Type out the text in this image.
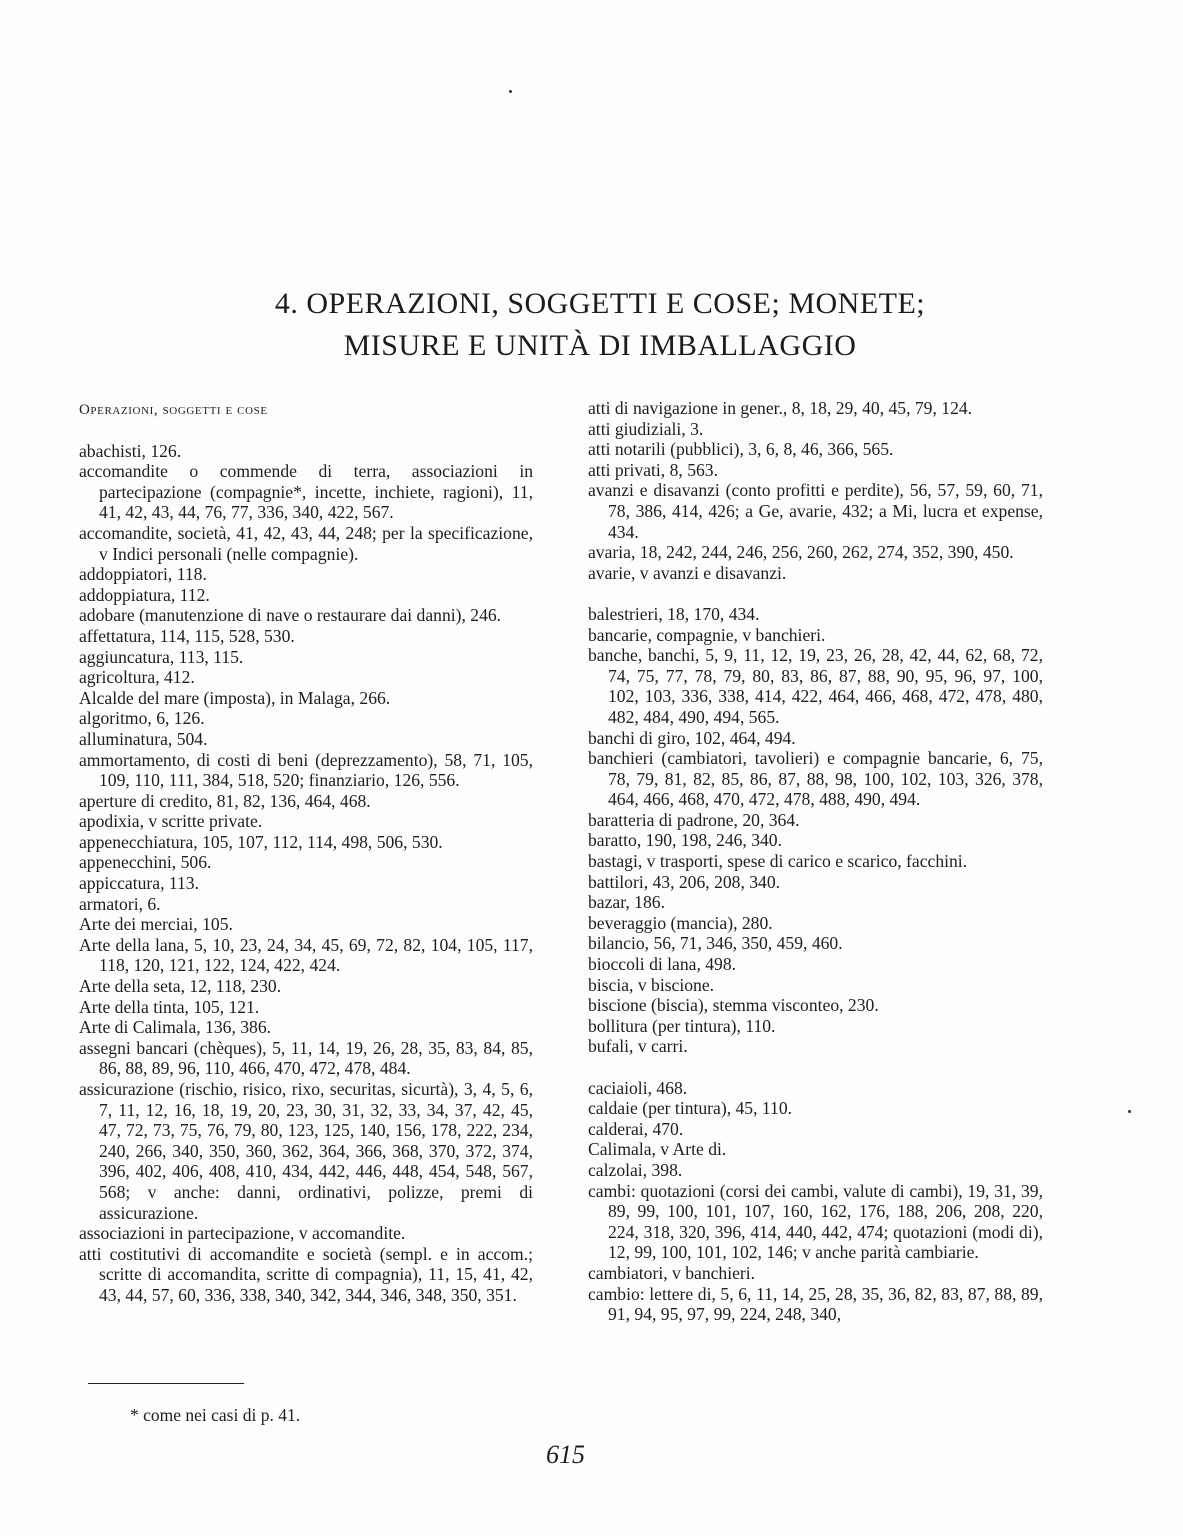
4. OPERAZIONI, SOGGETTI E COSE; MONETE;
MISURE E UNITÀ DI IMBALLAGGIO
Operazioni, soggetti e cose
abachisti, 126.
accomandite o commende di terra, associazioni in partecipazione (compagnie*, incette, inchiete, ragioni), 11, 41, 42, 43, 44, 76, 77, 336, 340, 422, 567.
accomandite, società, 41, 42, 43, 44, 248; per la specificazione, v Indici personali (nelle compagnie).
addoppiatori, 118.
addoppiatura, 112.
adobare (manutenzione di nave o restaurare dai danni), 246.
affettatura, 114, 115, 528, 530.
aggiuncatura, 113, 115.
agricoltura, 412.
Alcalde del mare (imposta), in Malaga, 266.
algoritmo, 6, 126.
alluminatura, 504.
ammortamento, di costi di beni (deprezzamento), 58, 71, 105, 109, 110, 111, 384, 518, 520; finanziario, 126, 556.
aperture di credito, 81, 82, 136, 464, 468.
apodixia, v scritte private.
appenecchiatura, 105, 107, 112, 114, 498, 506, 530.
appenecchini, 506.
appiccatura, 113.
armatori, 6.
Arte dei merciai, 105.
Arte della lana, 5, 10, 23, 24, 34, 45, 69, 72, 82, 104, 105, 117, 118, 120, 121, 122, 124, 422, 424.
Arte della seta, 12, 118, 230.
Arte della tinta, 105, 121.
Arte di Calimala, 136, 386.
assegni bancari (chèques), 5, 11, 14, 19, 26, 28, 35, 83, 84, 85, 86, 88, 89, 96, 110, 466, 470, 472, 478, 484.
assicurazione (rischio, risico, rixo, securitas, sicurtà), 3, 4, 5, 6, 7, 11, 12, 16, 18, 19, 20, 23, 30, 31, 32, 33, 34, 37, 42, 45, 47, 72, 73, 75, 76, 79, 80, 123, 125, 140, 156, 178, 222, 234, 240, 266, 340, 350, 360, 362, 364, 366, 368, 370, 372, 374, 396, 402, 406, 408, 410, 434, 442, 446, 448, 454, 548, 567, 568; v anche: danni, ordinativi, polizze, premi di assicurazione.
associazioni in partecipazione, v accomandite.
atti costitutivi di accomandite e società (sempl. e in accom.; scritte di accomandita, scritte di compagnia), 11, 15, 41, 42, 43, 44, 57, 60, 336, 338, 340, 342, 344, 346, 348, 350, 351.
atti di navigazione in gener., 8, 18, 29, 40, 45, 79, 124.
atti giudiziali, 3.
atti notarili (pubblici), 3, 6, 8, 46, 366, 565.
atti privati, 8, 563.
avanzi e disavanzi (conto profitti e perdite), 56, 57, 59, 60, 71, 78, 386, 414, 426; a Ge, avarie, 432; a Mi, lucra et expense, 434.
avaria, 18, 242, 244, 246, 256, 260, 262, 274, 352, 390, 450.
avarie, v avanzi e disavanzi.
balestrieri, 18, 170, 434.
bancarie, compagnie, v banchieri.
banche, banchi, 5, 9, 11, 12, 19, 23, 26, 28, 42, 44, 62, 68, 72, 74, 75, 77, 78, 79, 80, 83, 86, 87, 88, 90, 95, 96, 97, 100, 102, 103, 336, 338, 414, 422, 464, 466, 468, 472, 478, 480, 482, 484, 490, 494, 565.
banchi di giro, 102, 464, 494.
banchieri (cambiatori, tavolieri) e compagnie bancarie, 6, 75, 78, 79, 81, 82, 85, 86, 87, 88, 98, 100, 102, 103, 326, 378, 464, 466, 468, 470, 472, 478, 488, 490, 494.
baratteria di padrone, 20, 364.
baratto, 190, 198, 246, 340.
bastagi, v trasporti, spese di carico e scarico, facchini.
battilori, 43, 206, 208, 340.
bazar, 186.
beveraggio (mancia), 280.
bilancio, 56, 71, 346, 350, 459, 460.
bioccoli di lana, 498.
biscia, v biscione.
biscione (biscia), stemma visconteo, 230.
bollitura (per tintura), 110.
bufali, v carri.
caciaioli, 468.
caldaie (per tintura), 45, 110.
calderai, 470.
Calimala, v Arte di.
calzolai, 398.
cambi: quotazioni (corsi dei cambi, valute di cambi), 19, 31, 39, 89, 99, 100, 101, 107, 160, 162, 176, 188, 206, 208, 220, 224, 318, 320, 396, 414, 440, 442, 474; quotazioni (modi di), 12, 99, 100, 101, 102, 146; v anche parità cambiarie.
cambiatori, v banchieri.
cambio: lettere di, 5, 6, 11, 14, 25, 28, 35, 36, 82, 83, 87, 88, 89, 91, 94, 95, 97, 99, 224, 248, 340,
* come nei casi di p. 41.
615
